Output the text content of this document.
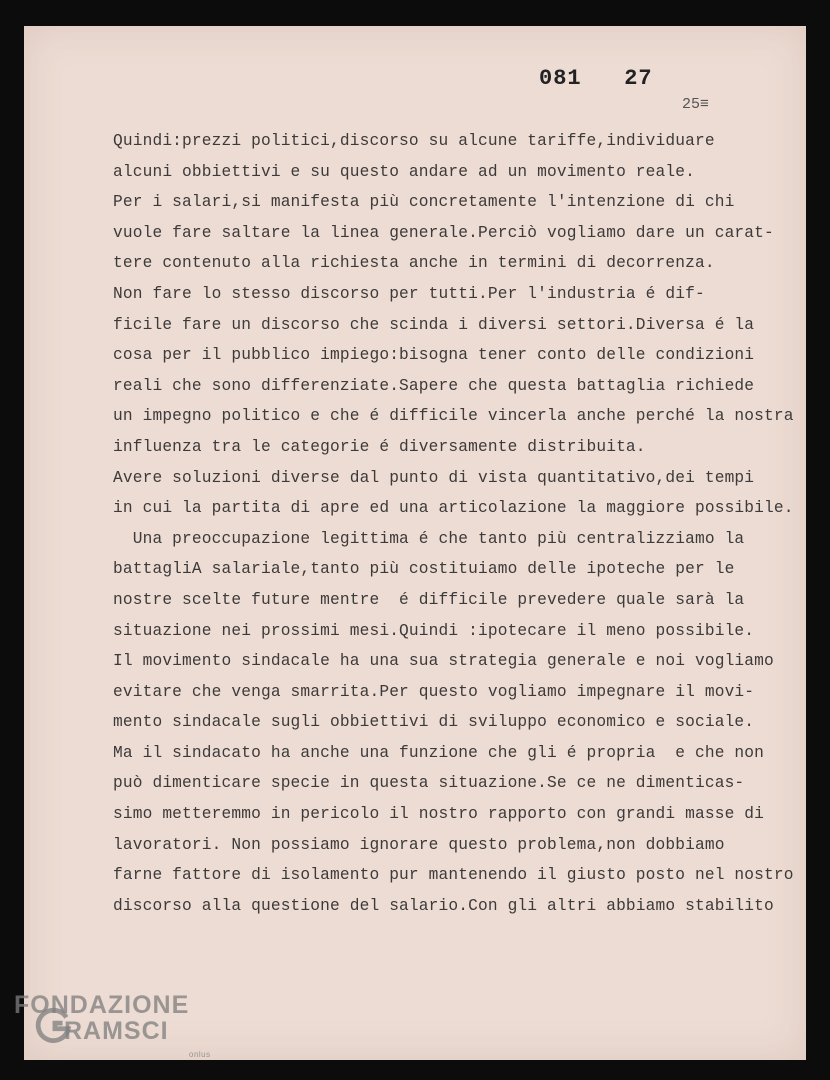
081   27
25≡
Quindi:prezzi politici,discorso su alcune tariffe,individuare
alcuni obbiettivi e su questo andare ad un movimento reale.
Per i salari,si manifesta più concretamente l'intenzione di chi
vuole fare saltare la linea generale.Perciò vogliamo dare un carat-
tere contenuto alla richiesta anche in termini di decorrenza.
Non fare lo stesso discorso per tutti.Per l'industria é dif-
ficile fare un discorso che scinda i diversi settori.Diversa é la
cosa per il pubblico impiego:bisogna tener conto delle condizioni
reali che sono differenziate.Sapere che questa battaglia richiede
un impegno politico e che é difficile vincerla anche perché la nostra
influenza tra le categorie é diversamente distribuita.
Avere soluzioni diverse dal punto di vista quantitativo,dei tempi
in cui la partita di apre ed una articolazione la maggiore possibile.
Una preoccupazione legittima é che tanto più centralizziamo la
battagliA salariale,tanto più costituiamo delle ipoteche per le
nostre scelte future mentre  é difficile prevedere quale sarà la
situazione nei prossimi mesi.Quindi :ipotecare il meno possibile.
Il movimento sindacale ha una sua strategia generale e noi vogliamo
evitare che venga smarrita.Per questo vogliamo impegnare il movi-
mento sindacale sugli obbiettivi di sviluppo economico e sociale.
Ma il sindacato ha anche una funzione che gli é propria  e che non
può dimenticare specie in questa situazione.Se ce ne dimenticas-
simo metteremmo in pericolo il nostro rapporto con grandi masse di
lavoratori. Non possiamo ignorare questo problema,non dobbiamo
farne fattore di isolamento pur mantenendo il giusto posto nel nostro
discorso alla questione del salario.Con gli altri abbiamo stabilito
FONDAZIONE
RAMSCI
onlus
